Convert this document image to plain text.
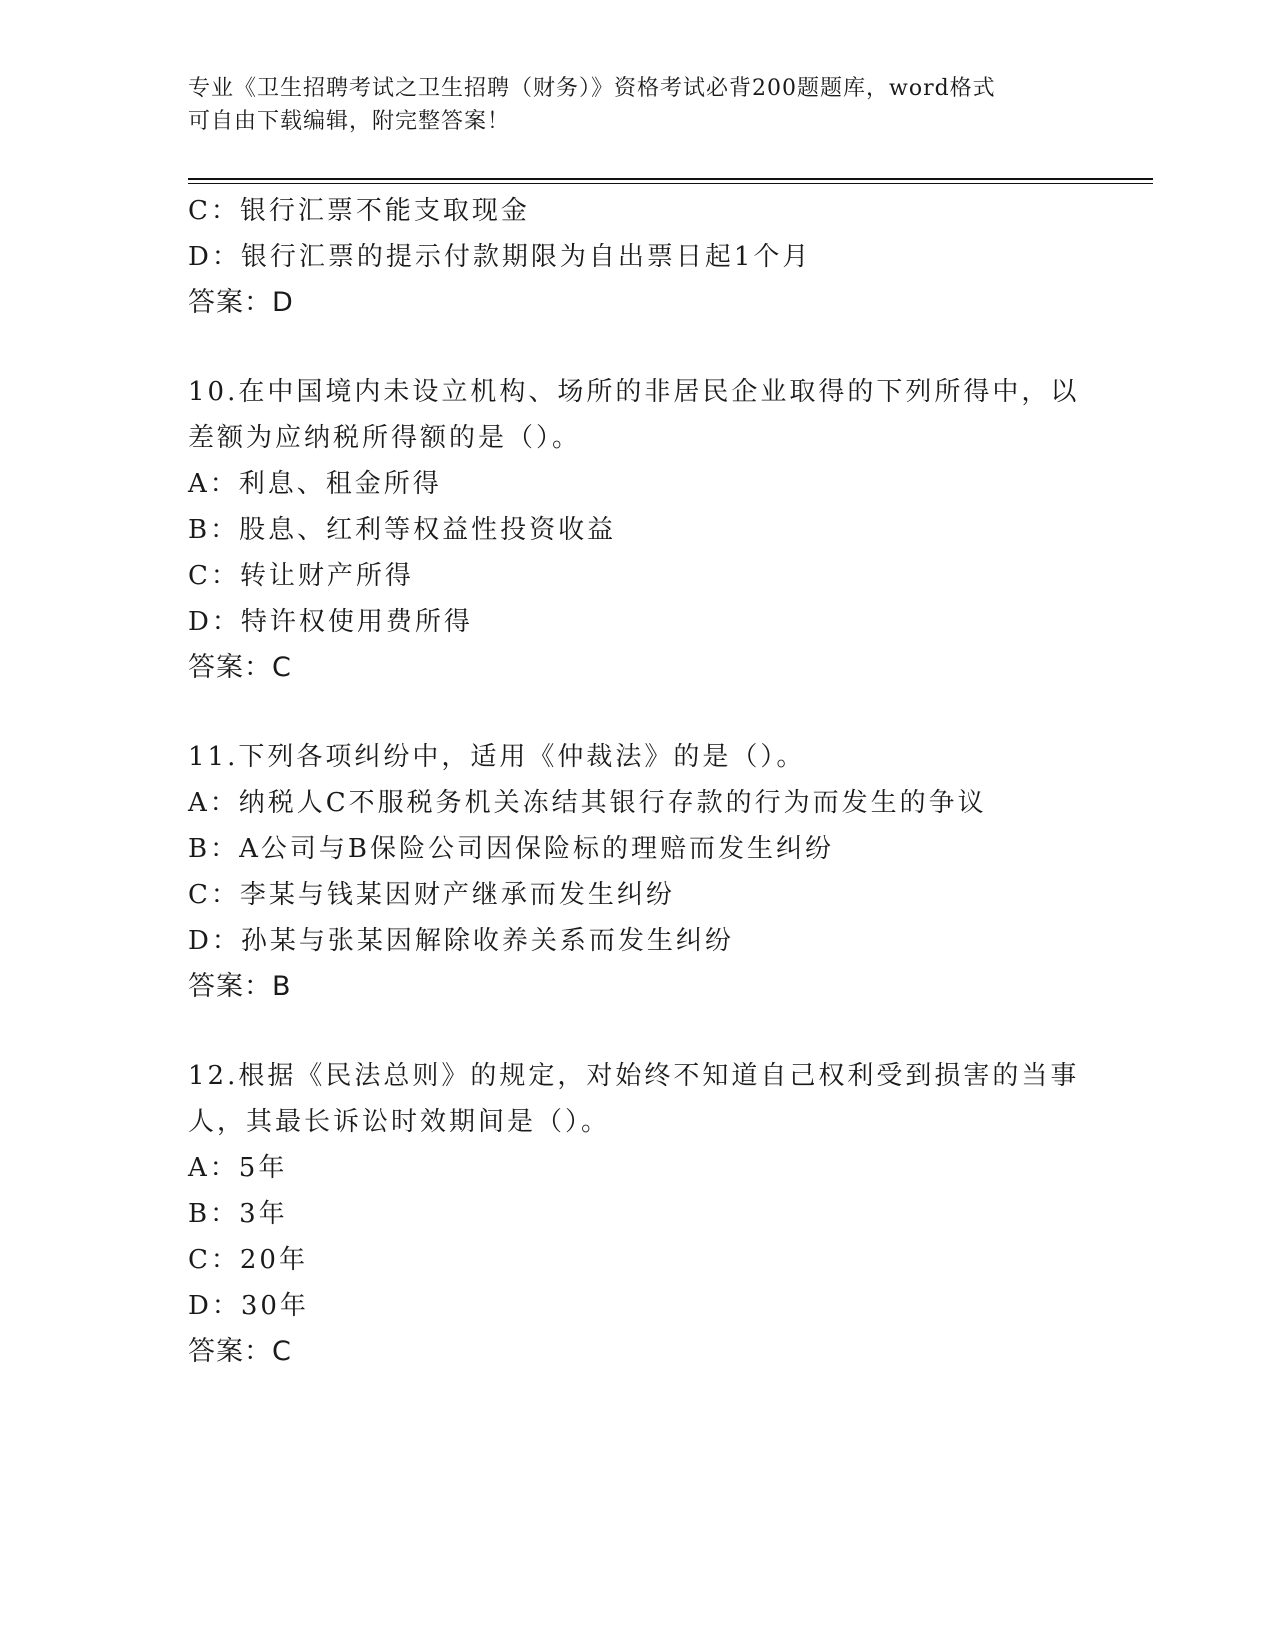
专业《卫生招聘考试之卫生招聘（财务）》资格考试必背200题题库，word格式
可自由下载编辑，附完整答案！
C：银行汇票不能支取现金
D：银行汇票的提示付款期限为自出票日起1个月
答案：D
10.在中国境内未设立机构、场所的非居民企业取得的下列所得中，以
差额为应纳税所得额的是（）。
A：利息、租金所得
B：股息、红利等权益性投资收益
C：转让财产所得
D：特许权使用费所得
答案：C
11.下列各项纠纷中，适用《仲裁法》的是（）。
A：纳税人C不服税务机关冻结其银行存款的行为而发生的争议
B：A公司与B保险公司因保险标的理赔而发生纠纷
C：李某与钱某因财产继承而发生纠纷
D：孙某与张某因解除收养关系而发生纠纷
答案：B
12.根据《民法总则》的规定，对始终不知道自己权利受到损害的当事
人，其最长诉讼时效期间是（）。
A：5年
B：3年
C：20年
D：30年
答案：C
